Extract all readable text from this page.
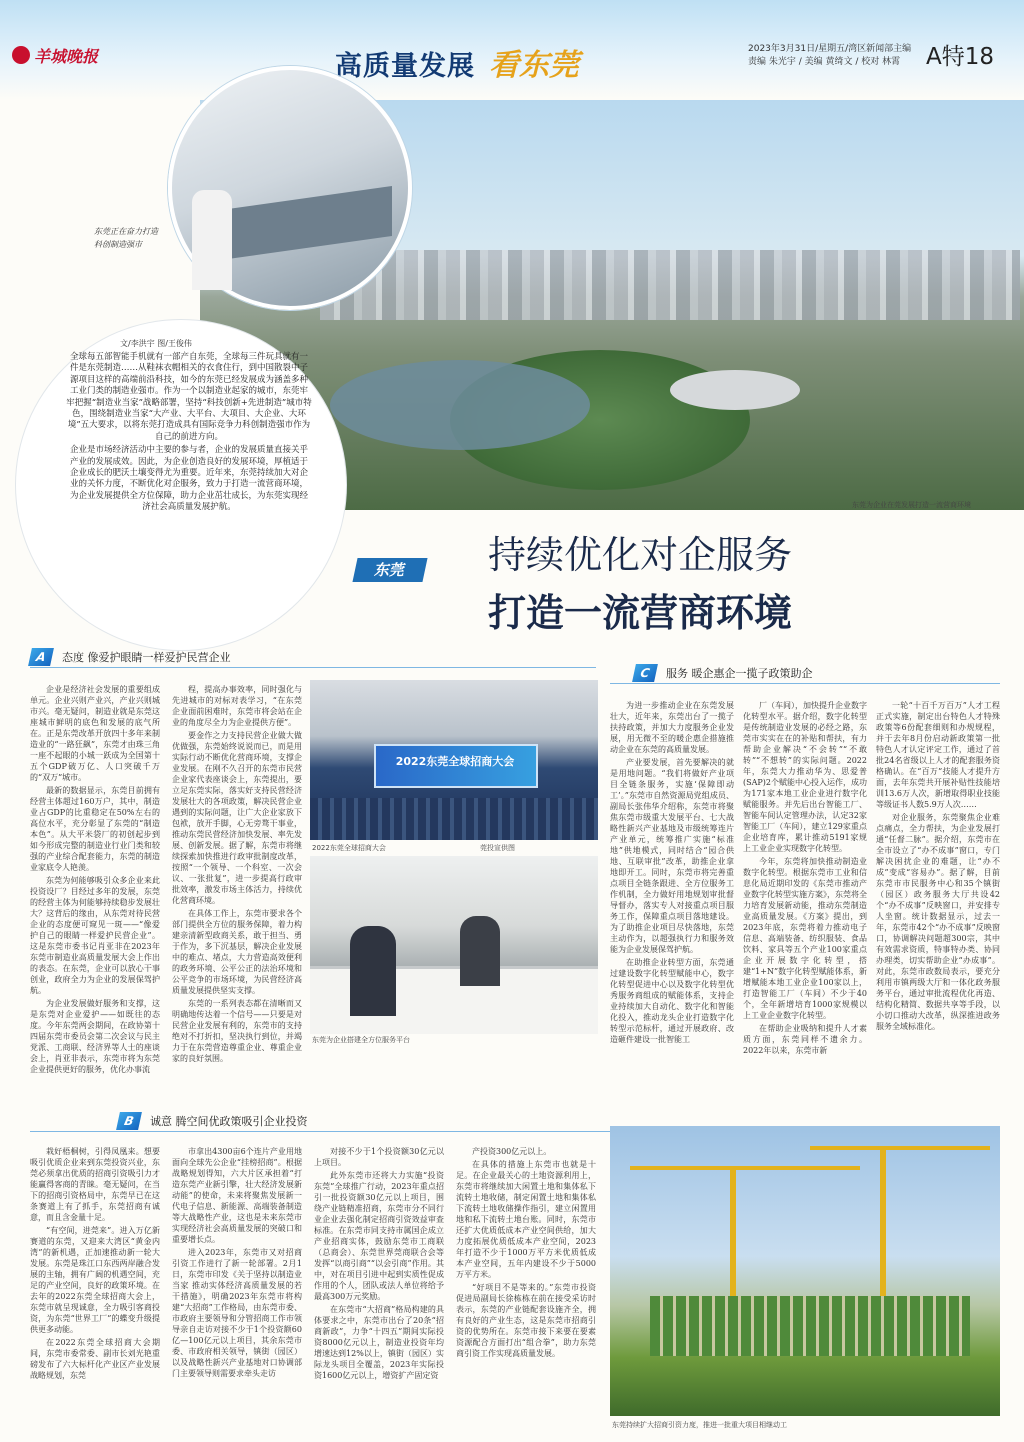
羊城晚报	高质量发展 看东莞	2023年3月31日/星期五/湾区新闻部主编
责编 朱光宇 / 美编 黄绮文 / 校对 林霄 A特18
东莞为企业在莞发展打造一流营商环境
东莞正在奋力打造科创制造强市
文/李洪宇 图/王俊伟

全球每五部智能手机就有一部产自东莞，全球每三件玩具就有一件是东莞制造……从鞋袜衣帽相关的衣食住行，到中国散裂中子源项目这样的高端前沿科技，如今的东莞已经发展成为涵盖多种工业门类的制造业强市。作为一个以制造业起家的城市，东莞牢牢把握“制造业当家”战略部署，坚持“科技创新+先进制造”城市特色，围绕制造业当家“大产业、大平台、大项目、大企业、大环境”五大要求，以将东莞打造成具有国际竞争力科创制造强市作为自己的前进方向。

企业是市场经济活动中主要的参与者，企业的发展质量直接关乎产业的发展成效。因此，为企业创造良好的发展环境，厚植适于企业成长的肥沃土壤变得尤为重要。近年来，东莞持续加大对企业的关怀力度，不断优化对企服务，致力于打造一流营商环境，为企业发展提供全方位保障，助力企业茁壮成长，为东莞实现经济社会高质量发展护航。

东莞	持续优化对企服务
打造一流营商环境
A	态度 像爱护眼睛一样爱护民营企业

企业是经济社会发展的重要组成单元。企业兴则产业兴，产业兴则城市兴。毫无疑问，制造业就是东莞这座城市鲜明的底色和发展的底气所在。正是东莞改革开放四十多年来制造业的“一路狂飙”，东莞才由珠三角一座不起眼的小城一跃成为全国第十五个GDP破万亿、人口突破千万的“双万”城市。

最新的数据显示，东莞目前拥有经营主体超过160万户，其中，制造业占GDP的比重稳定在50%左右的高位水平，充分彰显了东莞的“制造本色”。从大平米袋厂的初创起步到如今形成完整的制造业行业门类和较强的产业综合配套能力，东莞的制造业家底令人艳羡。

东莞为何能够吸引众多企业来此投资设厂？目经过多年的发展，东莞的经营主体为何能够持续稳步发展壮大？这背后的缘由，从东莞对待民营企业的态度便可窥见一斑——“像爱护自己的眼睛一样爱护民营企业”。这是东莞市委书记肖亚非在2023年东莞市制造业高质量发展大会上作出的表态。在东莞，企业可以放心干事创业，政府全力为企业的发展保驾护航。

为企业发展做好服务和支撑，这是东莞对企业爱护——如既往的态度。今年东莞两会期间，在政协第十四届东莞市委员会第二次会议与民主党派、工商联、经济界等人士的座谈会上，肖亚非表示，东莞市将为东莞企业提供更好的服务，优化办事流

程，提高办事效率，同时强化与先进城市的对标对表学习，“在东莞企业面前困难时，东莞市将会站在企业的角度尽全力为企业提供方便”。

要金作之力支持民营企业做大做优做强，东莞始终说说而已，而是用实际行动不断优化营商环境，支撑企业发展。在刚不久召开的东莞市民营企业家代表座谈会上，东莞提出，要立足东莞实际，落实好支持民营经济发展壮大的各项政策，解决民营企业遇到的实际问题，让广大企业家放下包袱，放开手脚，心无旁骛干事业，推动东莞民营经济加快发展、率先发展、创新发展。据了解，东莞市将继续探索加快推进行政审批制度改革，按照“一个领导、一个科室、一次会议、一张批复”，进一步提高行政审批效率，激发市场主体活力，持续优化营商环境。

在具体工作上，东莞市要求各个部门提供全方位的服务保障，着力构建亲清新型政商关系，敢于担当、勇于作为，多下沉基层，解决企业发展中的难点、堵点，大力营造高效便利的政务环境、公平公正的法治环境和公平竞争的市场环境，为民营经济高质量发展提供坚实支撑。

东莞的一系列表态都在清晰而又明确地传达着一个信号——只要是对民营企业发展有利的，东莞市的支持绝对不打折扣，坚决执行到位，并竭力于在东莞营造尊重企业、尊重企业家的良好氛围。

2022东莞全球招商大会
2022东莞全球招商大会	莞投宣供图
东莞为企业搭建全方位服务平台
C	服务 暖企惠企一揽子政策助企

为进一步推动企业在东莞发展壮大，近年来，东莞出台了一揽子扶持政策，并加大力度服务企业发展，用无微不至的暖企惠企措施推动企业在东莞的高质量发展。

产业要发展，首先要解决的就是用地问题。“我们将做好产业项目全链条服务，实施‘保障即动工’。”东莞市自然资源局党组成员、副局长张伟华介绍称，东莞市将聚焦东莞市级重大发展平台、七大战略性新兴产业基地及市级统筹连片产业单元，统筹推广实施“标准地”供地模式，同时结合“园合供地、互联审批”改革，助推企业拿地即开工。同时，东莞市将完善重点项目全链条跟进、全方位服务工作机制，全力做好用地规划审批督导督办，落实专人对接重点项目服务工作，保障重点项目落地建设。为了助推企业项目尽快落地，东莞主动作为，以超强执行力和服务效能为企业发展保驾护航。

在助推企业转型方面，东莞通过建设数字化转型赋能中心，数字化转型促进中心以及数字化转型优秀服务商组成的赋能体系，支持企业持续加大自动化、数字化和智能化投入，推动龙头企业打造数字化转型示范标杆，通过开展政府、改造砸件建设一批智能工

厂（车间），加快提升企业数字化转型水平。据介绍，数字化转型是传统制造业发展的必经之路，东莞市实实在在的补贴和帮扶，有力帮助企业解决“不会转”“不敢转”“不想转”的实际问题。2022年，东莞大力推动华为、思爱普(SAP)2个赋能中心投入运作，成功为171家本地工业企业进行数字化赋能服务。并先后出台智能工厂、智能车间认定管理办法，认定32家智能工厂（车间），建立129家重点企业培育库，累计推动5191家规上工业企业实现数字化转型。

今年，东莞将加快推动制造业数字化转型。根据东莞市工业和信息化局近期印发的《东莞市推动产业数字化转型实施方案》，东莞将全力培育发展新动能，推动东莞制造业高质量发展。《方案》提出，到2023年底，东莞将着力推动电子信息、高端装备、纺织服装、食品饮料、家具等五个产业100家重点企业开展数字化转型，搭建“1+N”数字化转型赋能体系，新增赋能本地工业企业100家以上，打造智能工厂（车间）不少于40个，全年新增培育1000家规模以上工业企业数字化转型。

在帮助企业吸纳和提升人才素质方面，东莞同样不遗余力。2022年以来，东莞市新

一轮“十百千万百万”人才工程正式实施，制定出台特色人才特殊政策等6份配套细则和办规规程，并于去年8月份启动新政策第一批特色人才认定评定工作，通过了首批24名省级以上人才的配套服务资格确认。在“百万”技能人才提升方面，去年东莞共开展补贴性技能培训13.6万人次，新增取得职业技能等级证书人数5.9万人次……

对企业服务，东莞聚焦企业难点痛点，全力帮扶，为企业发展打通“任督二脉”。据介绍，东莞市在全市设立了“办不成事”窗口，专门解决困扰企业的难题，让“办不成”变成“容易办”。据了解，目前东莞市市民服务中心和35个镇街（园区）政务服务大厅共设42个“办不成事”反映窗口，并安排专人坐窗。统计数据显示，过去一年，东莞市42个“办不成事”反映窗口，协调解决问题超300宗，其中有效需求资质，特事特办类、协同办理类，切实帮助企业“办成事”。对此，东莞市政数局表示，要充分利用市镇两级大厅和一体化政务服务平台，通过审批流程优化再造、结构化精简、数据共享等手段，以小切口推动大改革，纵深推进政务服务全域标准化。

B	诚意 腾空间优政策吸引企业投资

栽好梧桐树，引得凤凰来。想要吸引优质企业来到东莞投资兴业，东莞必须拿出优质的招商引资吸引力才能赢得客商的青睐。毫无疑问，在当下的招商引资格局中，东莞早已在这条赛道上有了抓手，东莞招商有诚意，而且含金量十足。

“有空间，进莞来”。进入万亿新赛道的东莞，又迎来大湾区“黄金内湾”的新机遇，正加速推动新一轮大发展。东莞是珠江口东西两岸融合发展的主轴，拥有广阔的机遇空间，充足的产业空间，良好的政策环境。在去年的2022东莞全球招商大会上，东莞市就呈现诚意，全力吸引客商投资，为东莞“世界工厂”的蝶变升级提供更多动能。

在2022东莞全球招商大会期间，东莞市委常委、副市长刘光艳重磅发布了六大标杆化产业区产业发展战略规划，东莞

市拿出4300亩6个连片产业用地面向全球先公企业“挂榜招商”。根据战略规划得知，六大片区承担着“打造东莞产业新引擎，壮大经济发展新动能”的使命，未来将聚焦发展新一代电子信息、新能源、高端装备制造等大战略性产业，这也是未来东莞市实现经济社会高质量发展的突破口和重要增长点。

进入2023年，东莞市又对招商引资工作进行了新一轮部署。2月1日，东莞市印发《关于坚持以制造业当家 推动实体经济高质量发展的若干措施》，明确2023年东莞市将构建“大招商”工作格局，由东莞市委、市政府主要领导和分管招商工作市领导亲自走访对接不少于1个投资额60亿—100亿元以上项目，其余东莞市委、市政府相关领导，镇街（园区）以及战略性新兴产业基地对口协调部门主要领导则需要求牵头走访

对接不少于1个投资额30亿元以上项目。

此外东莞市还将大力实施“投资东莞”全球推广行动，2023年重点招引一批投资额30亿元以上项目，围绕产业链精准招商，东莞市分不同行业企业去强化制定招商引资效益审查标准。在东莞市同支持市属国企成立产业招商实体，鼓励东莞市工商联（总商会）、东莞世界莞商联合会等发挥“以商引商”“以会引商”作用。其中，对在项目引进中起到实质性促成作用的个人，团队或法人单位将给予最高300万元奖励。

在东莞市“大招商”格局构建的具体要求之中，东莞市出台了20条“招商新政”，力争“十四五”期间实际投资8000亿元以上，制造业投资年均增速达到12%以上，镇街（园区）实际龙头项目全覆盖，2023年实际投资1600亿元以上，增资扩产固定资

产投资300亿元以上。

在具体的措施上东莞市也就是十足。在企业最关心的土地资源利用上，东莞市将继续加大闲置土地和集体私下流转土地收储，制定闲置土地和集体私下流转土地收储操作指引，建立闲置用地和私下流转土地台账。同时，东莞市还扩大优质低成本产业空间供给，加大力度拓展优质低成本产业空间，2023年打造不少于1000万平方米优质低成本产业空间，五年内建设不少于5000万平方米。

“好项目不是等来的。”东莞市投资促进局副局长徐栋栋在前在接受采访时表示，东莞的产业链配套设施齐全，拥有良好的产业生态，这是东莞市招商引资的优势所在。东莞市接下来要在要素资源配合方面打出“组合拳”，助力东莞商引资工作实现高质量发展。

东莞持续扩大招商引资力度，推进一批重大项目相继动工
